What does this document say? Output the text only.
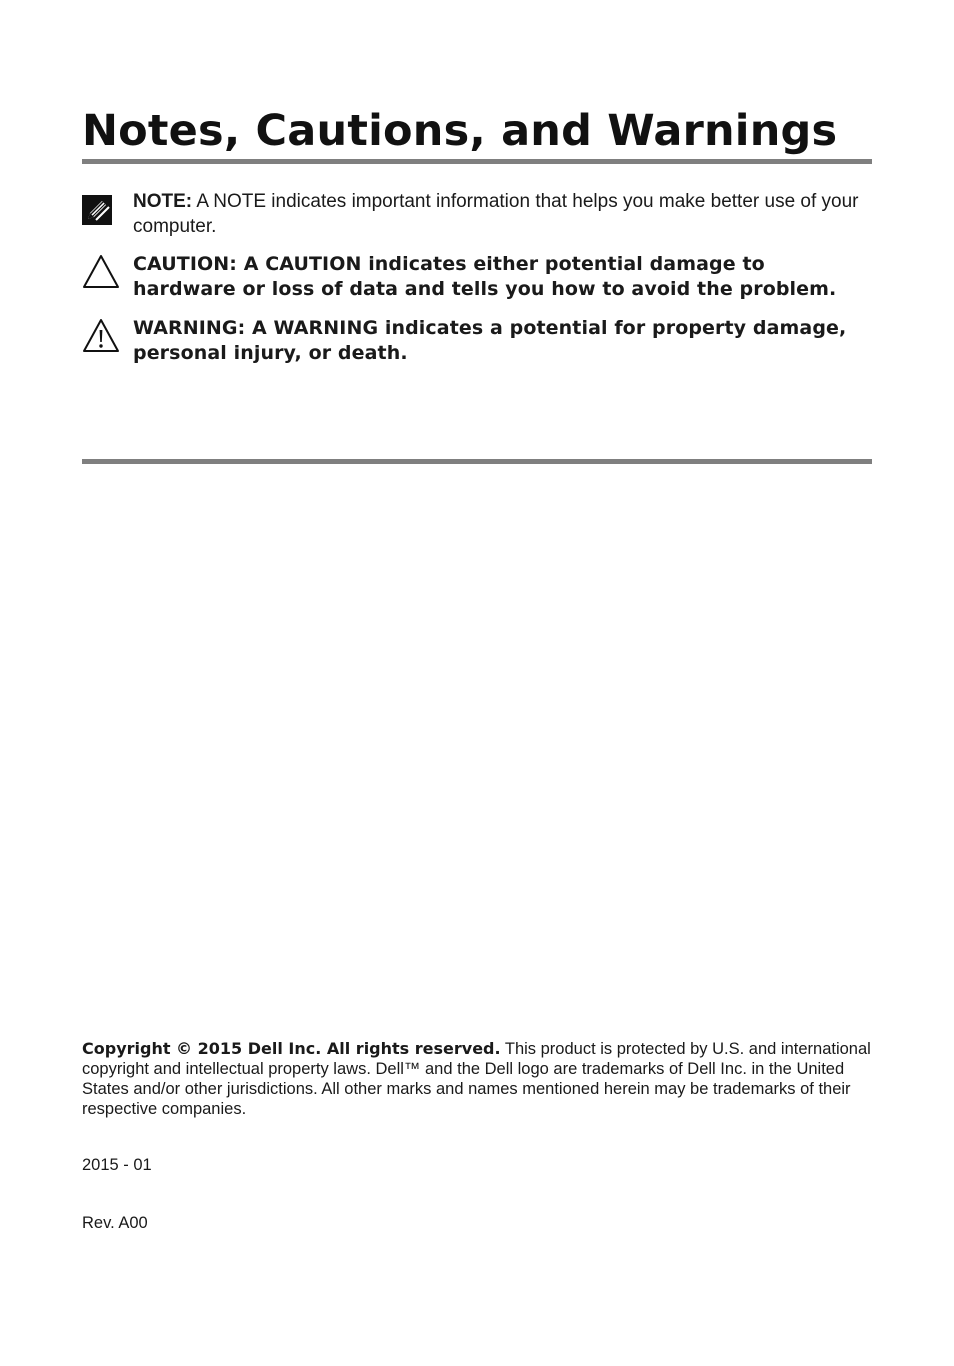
Notes, Cautions, and Warnings
NOTE: A NOTE indicates important information that helps you make better use of your computer.
CAUTION: A CAUTION indicates either potential damage to hardware or loss of data and tells you how to avoid the problem.
WARNING: A WARNING indicates a potential for property damage, personal injury, or death.
Copyright © 2015 Dell Inc. All rights reserved. This product is protected by U.S. and international copyright and intellectual property laws. Dell™ and the Dell logo are trademarks of Dell Inc. in the United States and/or other jurisdictions. All other marks and names mentioned herein may be trademarks of their respective companies.
2015 - 01
Rev. A00
